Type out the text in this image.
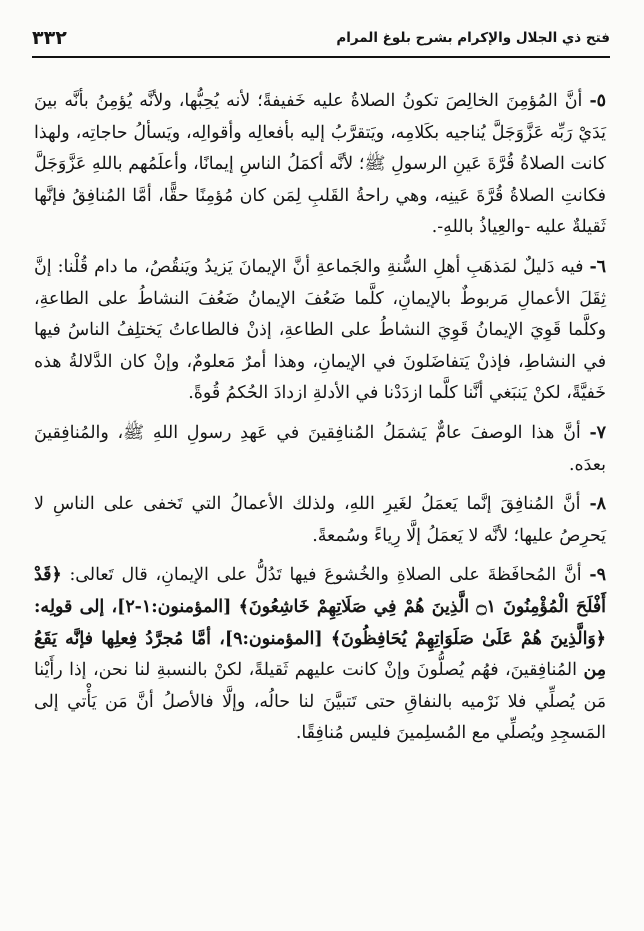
٣٣٢	فتح ذي الجلال والإكرام بشرح بلوغ المرام

٥- أنَّ المُؤمِنَ الخالِصَ تكونُ الصلاةُ عليه خَفيفةً؛ لأنه يُحِبُّها، ولأنَّه يُؤمِنُ بأنَّه بينَ يَدَيْ رَبِّه عَزَّوَجَلَّ يُناجيه بكَلامِه، ويَتقرَّبُ إليه بأفعالِه وأقوالِه، ويَسألُ حاجاتِه، ولهذا كانت الصلاةُ قُرَّةَ عَينِ الرسولِ ﷺ؛ لأنَّه أكمَلُ الناسِ إيمانًا، وأعلَمُهم باللهِ عَزَّوَجَلَّ فكانتِ الصلاةُ قُرَّةَ عَينِه، وهي راحةُ القَلبِ لِمَن كان مُؤمِنًا حقًّا، أمَّا المُنافِقُ فإنَّها ثَقيلةٌ عليه -والعِياذُ باللهِ-.

٦- فيه دَليلٌ لمَذهَبِ أهلِ السُّنةِ والجَماعةِ أنَّ الإيمانَ يَزيدُ ويَنقُصُ، ما دام قُلْنا: إنَّ ثِقَلَ الأعمالِ مَربوطٌ بالإيمانِ، كلَّما ضَعُفَ الإيمانُ ضَعُفَ النشاطُ على الطاعةِ، وكلَّما قَوِيَ الإيمانُ قَوِيَ النشاطُ على الطاعةِ، إذنْ فالطاعاتُ يَختلِفُ الناسُ فيها في النشاطِ، فإذنْ يَتفاضَلونَ في الإيمانِ، وهذا أمرٌ مَعلومٌ، وإنْ كان الدَّلالةُ هذه خَفيَّةً، لكنْ يَنبَغي أنَّنا كلَّما ازدَدْنا في الأدلةِ ازدادَ الحُكمُ قُوةً.

٧- أنَّ هذا الوصفَ عامٌّ يَشمَلُ المُنافِقينَ في عَهدِ رسولِ اللهِ ﷺ، والمُنافِقينَ بعدَه.

٨- أنَّ المُنافِقَ إنَّما يَعمَلُ لغَيرِ اللهِ، ولذلك الأعمالُ التي تَخفى على الناسِ لا يَحرِصُ عليها؛ لأنَّه لا يَعمَلُ إلَّا رِياءً وسُمعةً.

٩- أنَّ المُحافَظةَ على الصلاةِ والخُشوعَ فيها تَدُلُّ على الإيمانِ، قال تَعالى: ﴿قَدْ أَفْلَحَ الْمُؤْمِنُونَ ۝١ الَّذِينَ هُمْ فِي صَلَاتِهِمْ خَاشِعُونَ﴾ [المؤمنون:١-٢]، إلى قولِه: ﴿وَالَّذِينَ هُمْ عَلَىٰ صَلَوَاتِهِمْ يُحَافِظُونَ﴾ [المؤمنون:٩]، أمَّا مُجرَّدُ فِعلِها فإنَّه يَقَعُ مِن المُنافِقينَ، فهُم يُصلُّونَ وإنْ كانت عليهم ثَقيلةً، لكنْ بالنسبةِ لنا نحن، إذا رأَيْنا مَن يُصلِّي فلا نَرْميه بالنفاقِ حتى تَتبيَّنَ لنا حالُه، وإلَّا فالأصلُ أنَّ مَن يَأْتي إلى المَسجِدِ ويُصلِّي مع المُسلِمينَ فليس مُنافِقًا.
